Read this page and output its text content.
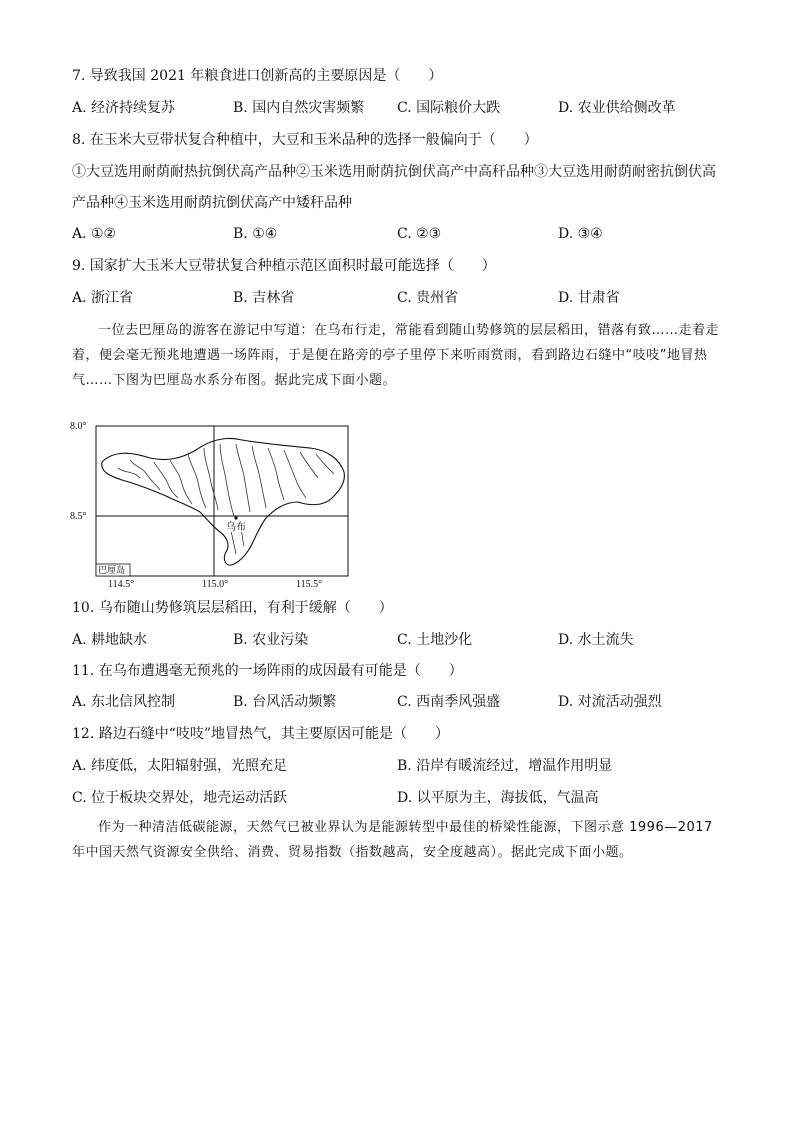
7. 导致我国 2021 年粮食进口创新高的主要原因是（　　）
A. 经济持续复苏	B. 国内自然灾害频繁 C. 国际粮价大跌	D. 农业供给侧改革
8. 在玉米大豆带状复合种植中，大豆和玉米品种的选择一般偏向于（　　）
①大豆选用耐荫耐热抗倒伏高产品种②玉米选用耐荫抗倒伏高产中高秆品种③大豆选用耐荫耐密抗倒伏高
产品种④玉米选用耐荫抗倒伏高产中矮秆品种
A. ①②	B. ①④	C. ②③	D. ③④
9. 国家扩大玉米大豆带状复合种植示范区面积时最可能选择（　　）
A. 浙江省	B. 吉林省	C. 贵州省	D. 甘肃省
一位去巴厘岛的游客在游记中写道：在乌布行走，常能看到随山势修筑的层层稻田，错落有致……走着走着，便会毫无预兆地遭遇一场阵雨，于是便在路旁的亭子里停下来听雨赏雨，看到路边石缝中“吱吱”地冒热气……下图为巴厘岛水系分布图。据此完成下面小题。
乌布
巴厘岛
8.0°
8.5°
114.5°	115.0°	115.5°
10. 乌布随山势修筑层层稻田，有利于缓解（　　）
A. 耕地缺水	B. 农业污染	C. 土地沙化	D. 水土流失
11. 在乌布遭遇毫无预兆的一场阵雨的成因最有可能是（　　）
A. 东北信风控制	B. 台风活动频繁	C. 西南季风强盛	D. 对流活动强烈
12. 路边石缝中“吱吱”地冒热气，其主要原因可能是（　　）
A. 纬度低，太阳辐射强，光照充足	B. 沿岸有暖流经过，增温作用明显
C. 位于板块交界处，地壳运动活跃	D. 以平原为主，海拔低，气温高
作为一种清洁低碳能源，天然气已被业界认为是能源转型中最佳的桥梁性能源，下图示意 1996—2017 年中国天然气资源安全供给、消费、贸易指数（指数越高，安全度越高）。据此完成下面小题。
